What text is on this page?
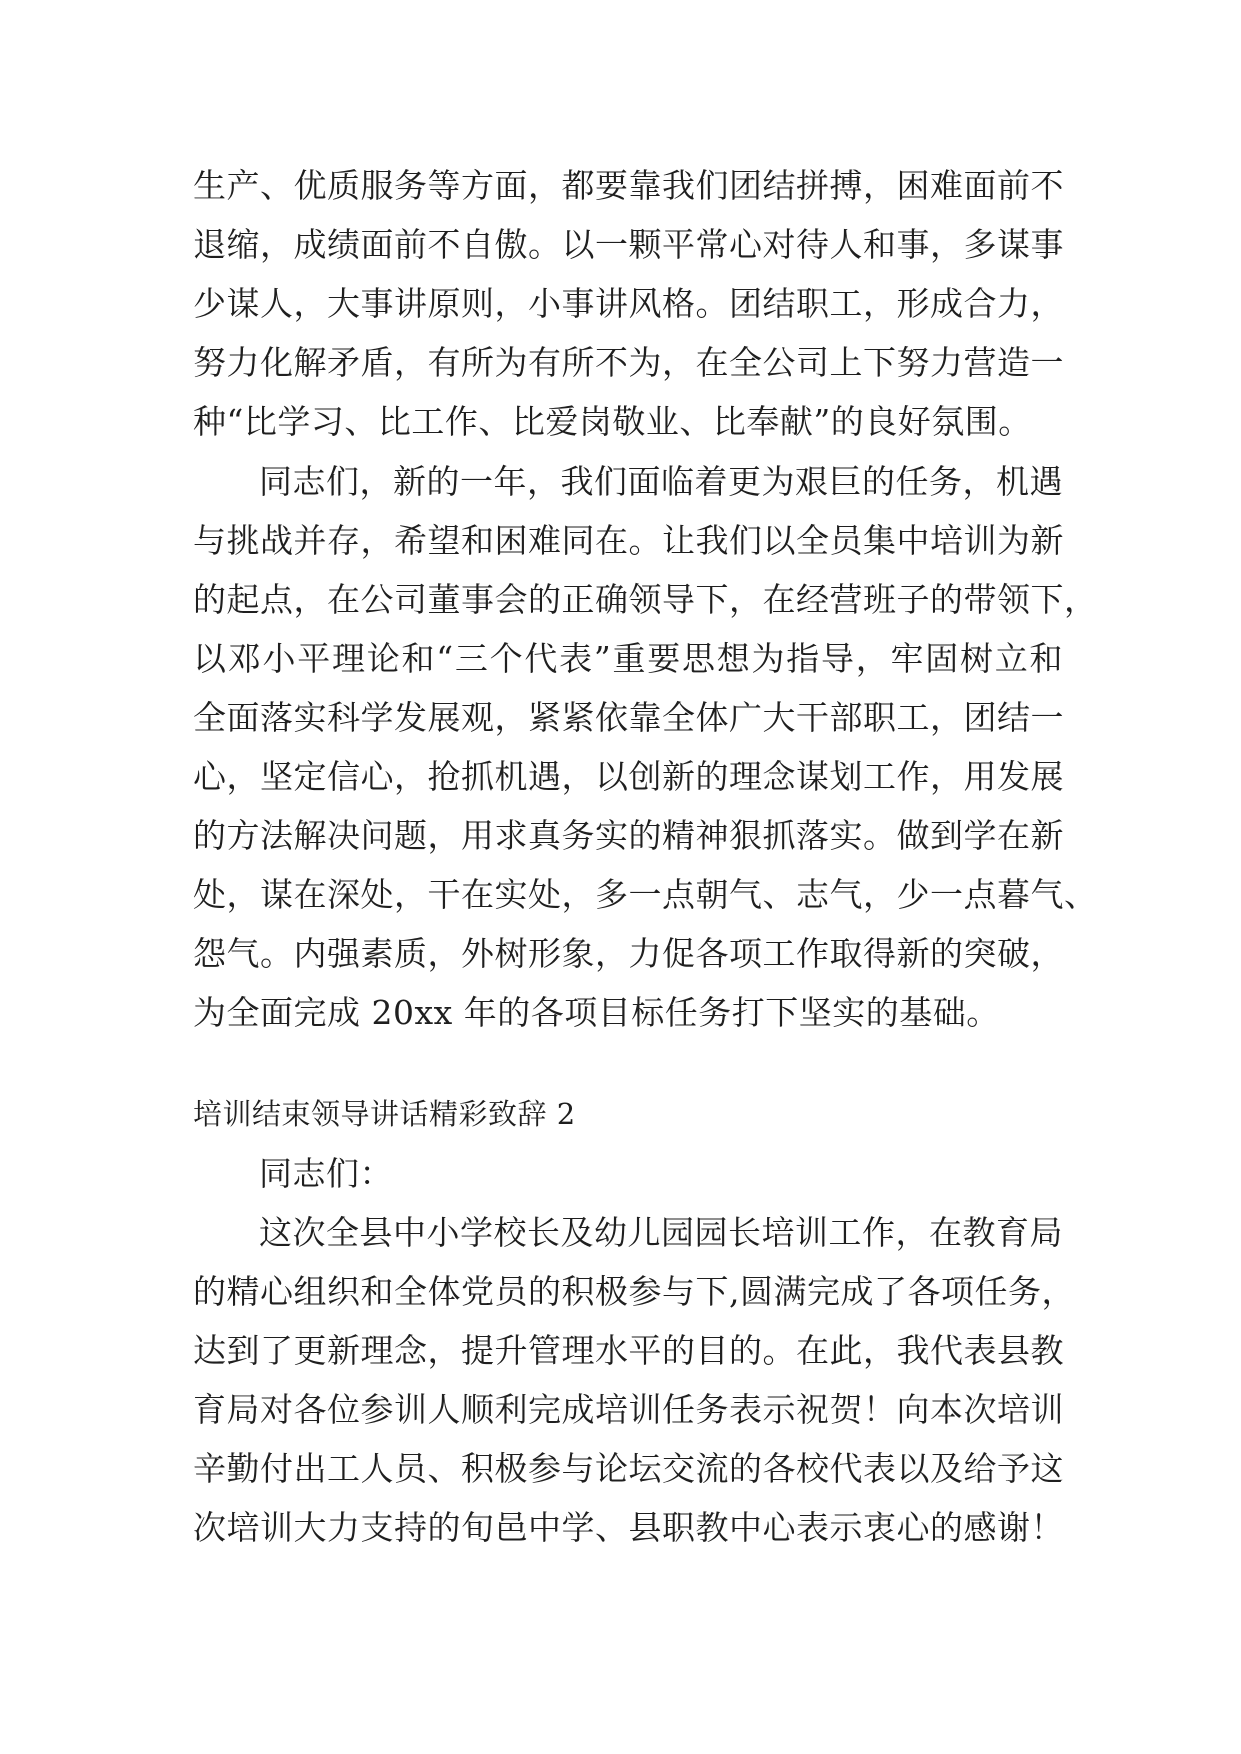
生产、优质服务等方面，都要靠我们团结拼搏，困难面前不
退缩，成绩面前不自傲。以一颗平常心对待人和事，多谋事
少谋人，大事讲原则，小事讲风格。团结职工，形成合力，
努力化解矛盾，有所为有所不为，在全公司上下努力营造一
种“比学习、比工作、比爱岗敬业、比奉献”的良好氛围。
同志们，新的一年，我们面临着更为艰巨的任务，机遇
与挑战并存，希望和困难同在。让我们以全员集中培训为新
的起点，在公司董事会的正确领导下，在经营班子的带领下，
以邓小平理论和“三个代表”重要思想为指导，牢固树立和
全面落实科学发展观，紧紧依靠全体广大干部职工，团结一
心，坚定信心，抢抓机遇，以创新的理念谋划工作，用发展
的方法解决问题，用求真务实的精神狠抓落实。做到学在新
处，谋在深处，干在实处，多一点朝气、志气，少一点暮气、
怨气。内强素质，外树形象，力促各项工作取得新的突破，
为全面完成 20xx 年的各项目标任务打下坚实的基础。
培训结束领导讲话精彩致辞 2
同志们：
这次全县中小学校长及幼儿园园长培训工作，在教育局
的精心组织和全体党员的积极参与下,圆满完成了各项任务，
达到了更新理念，提升管理水平的目的。在此，我代表县教
育局对各位参训人顺利完成培训任务表示祝贺！向本次培训
辛勤付出工人员、积极参与论坛交流的各校代表以及给予这
次培训大力支持的旬邑中学、县职教中心表示衷心的感谢！
